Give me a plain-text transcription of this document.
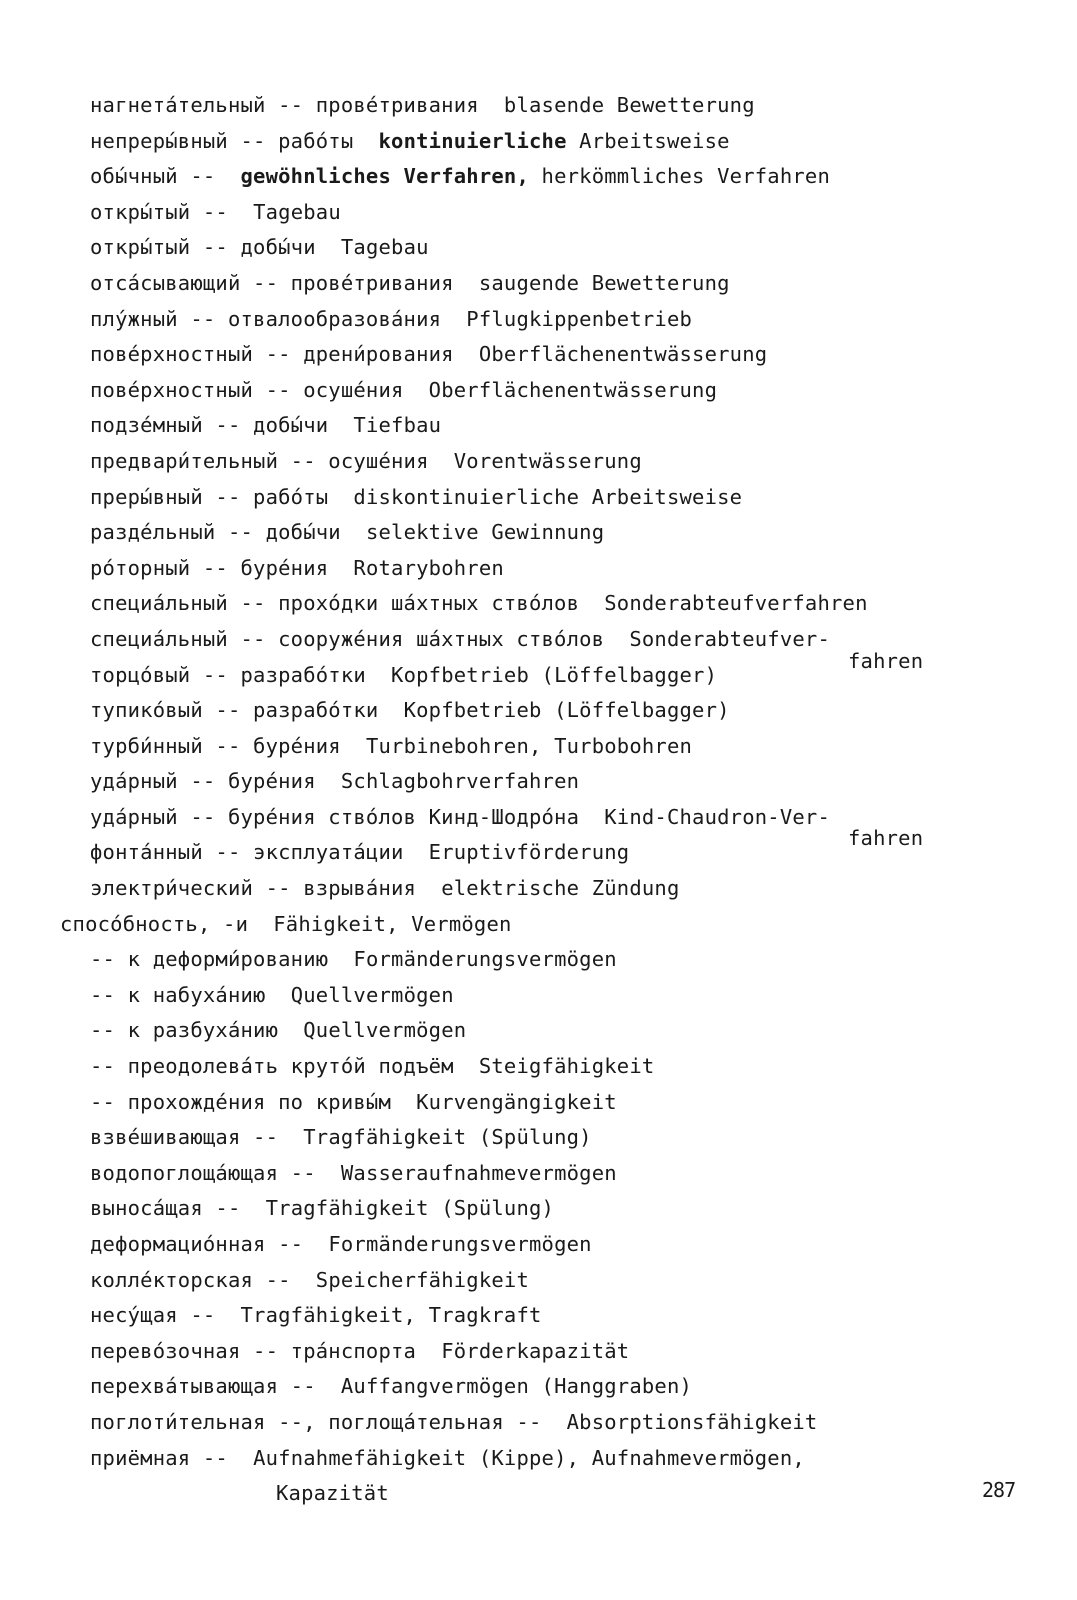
нагнета́тельный -- прове́тривания blasende Bewetterung
непреры́вный -- рабо́ты kontinuierliche Arbeitsweise
обы́чный -- gewöhnliches Verfahren, herkömmliches Verfahren
откры́тый -- Tagebau
откры́тый -- добы́чи Tagebau
отса́сывающий -- прове́тривания saugende Bewetterung
плу́жный -- отвалообразова́ния Pflugkippenbetrieb
пове́рхностный -- дрени́рования Oberflächenentwässerung
пове́рхностный -- осуше́ния Oberflächenentwässerung
подзе́мный -- добы́чи Tiefbau
предвари́тельный -- осуше́ния Vorentwässerung
преры́вный -- рабо́ты diskontinuierliche Arbeitsweise
разде́льный -- добы́чи selektive Gewinnung
ро́торный -- буре́ния Rotarybohren
специа́льный -- прохо́дки ша́хтных ство́лов Sonderabteufverfahren
специа́льный -- сооруже́ния ша́хтных ство́лов Sonderabteufver-
торцо́вый -- разрабо́тки Kopfbetrieb (Löffelbagger)
fahren
тупико́вый -- разрабо́тки Kopfbetrieb (Löffelbagger)
турби́нный -- буре́ния Turbinebohren, Turbobohren
уда́рный -- буре́ния Schlagbohrverfahren
уда́рный -- буре́ния ство́лов Кинд-Шодро́на Kind-Chaudron-Ver-
фонта́нный -- эксплуата́ции Eruptivförderung
fahren
электри́ческий -- взрыва́ния elektrische Zündung
спосо́бность, -и Fähigkeit, Vermögen
-- к деформи́рованию Formänderungsvermögen
-- к набуха́нию Quellvermögen
-- к разбуха́нию Quellvermögen
-- преодолева́ть круто́й подъём Steigfähigkeit
-- прохожде́ния по кривы́м Kurvengängigkeit
взве́шивающая -- Tragfähigkeit (Spülung)
водопоглоща́ющая -- Wasseraufnahmevermögen
выноса́щая -- Tragfähigkeit (Spülung)
деформацио́нная -- Formänderungsvermögen
колле́кторская -- Speicherfähigkeit
несу́щая -- Tragfähigkeit, Tragkraft
перево́зочная -- тра́нспорта Förderkapazität
перехва́тывающая -- Auffangvermögen (Hanggraben)
поглоти́тельная --, поглоща́тельная -- Absorptionsfähigkeit
приёмная -- Aufnahmefähigkeit (Kippe), Aufnahmevermögen,
Kapazität	287
